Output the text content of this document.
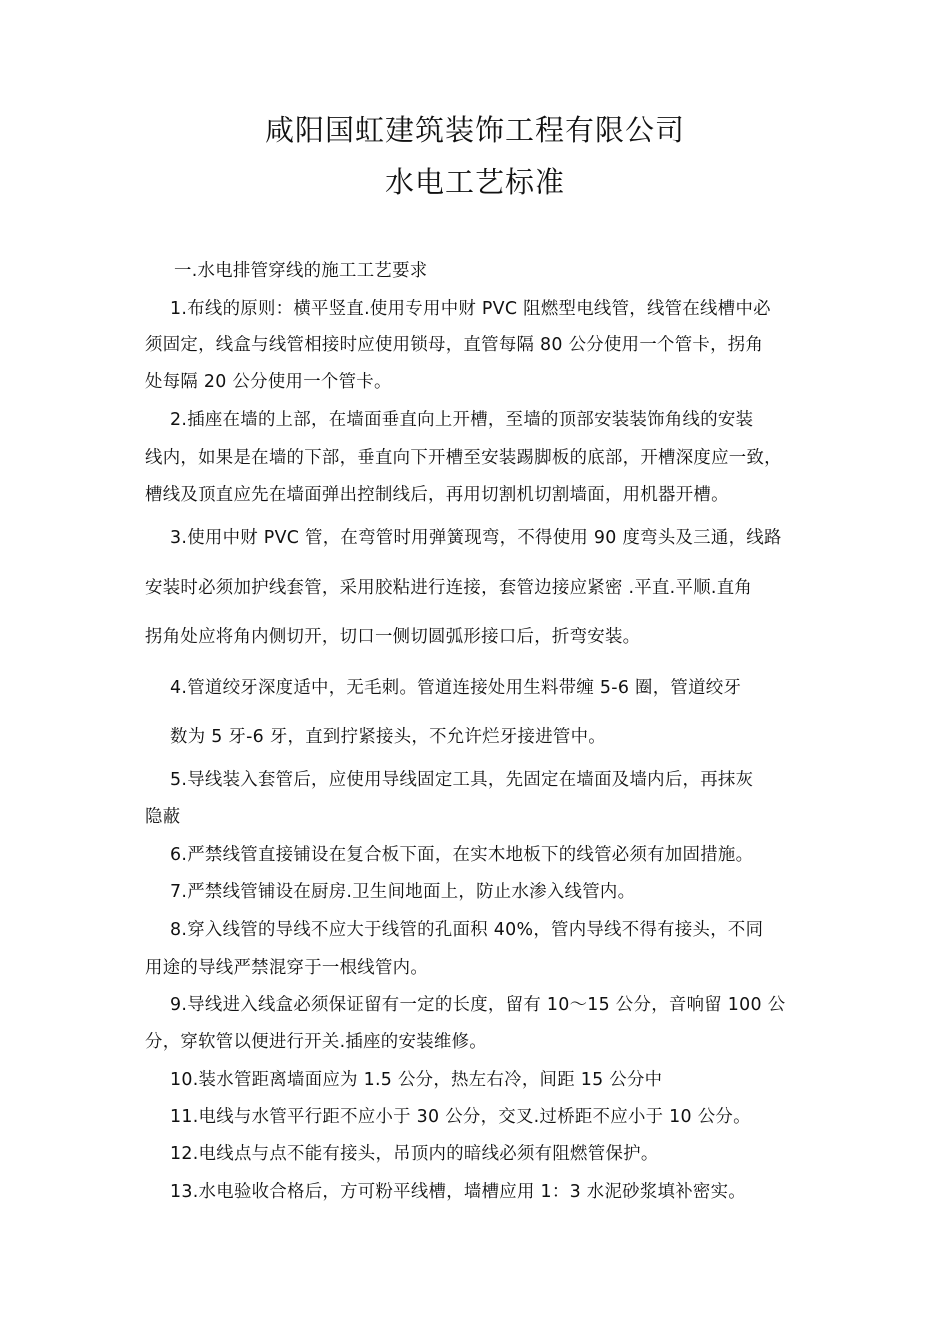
咸阳国虹建筑装饰工程有限公司
水电工艺标准
一.水电排管穿线的施工工艺要求
1.布线的原则：横平竖直.使用专用中财 PVC 阻燃型电线管，线管在线槽中必
须固定，线盒与线管相接时应使用锁母，直管每隔 80 公分使用一个管卡，拐角
处每隔 20 公分使用一个管卡。
2.插座在墙的上部，在墙面垂直向上开槽，至墙的顶部安装装饰角线的安装
线内，如果是在墙的下部，垂直向下开槽至安装踢脚板的底部，开槽深度应一致，
槽线及顶直应先在墙面弹出控制线后，再用切割机切割墙面，用机器开槽。
3.使用中财 PVC 管，在弯管时用弹簧现弯，不得使用 90 度弯头及三通，线路
安装时必须加护线套管，采用胶粘进行连接，套管边接应紧密 .平直.平顺.直角
拐角处应将角内侧切开，切口一侧切圆弧形接口后，折弯安装。
4.管道绞牙深度适中，无毛刺。管道连接处用生料带缠 5-6 圈，管道绞牙
数为 5 牙-6 牙，直到拧紧接头，不允许烂牙接进管中。
5.导线装入套管后，应使用导线固定工具，先固定在墙面及墙内后，再抹灰
隐蔽
6.严禁线管直接铺设在复合板下面，在实木地板下的线管必须有加固措施。
7.严禁线管铺设在厨房.卫生间地面上，防止水渗入线管内。
8.穿入线管的导线不应大于线管的孔面积 40%，管内导线不得有接头，不同
用途的导线严禁混穿于一根线管内。
9.导线进入线盒必须保证留有一定的长度，留有 10～15 公分，音响留 100 公
分，穿软管以便进行开关.插座的安装维修。
10.装水管距离墙面应为 1.5 公分，热左右冷，间距 15 公分中
11.电线与水管平行距不应小于 30 公分，交叉.过桥距不应小于 10 公分。
12.电线点与点不能有接头，吊顶内的暗线必须有阻燃管保护。
13.水电验收合格后，方可粉平线槽，墙槽应用 1：3 水泥砂浆填补密实。
